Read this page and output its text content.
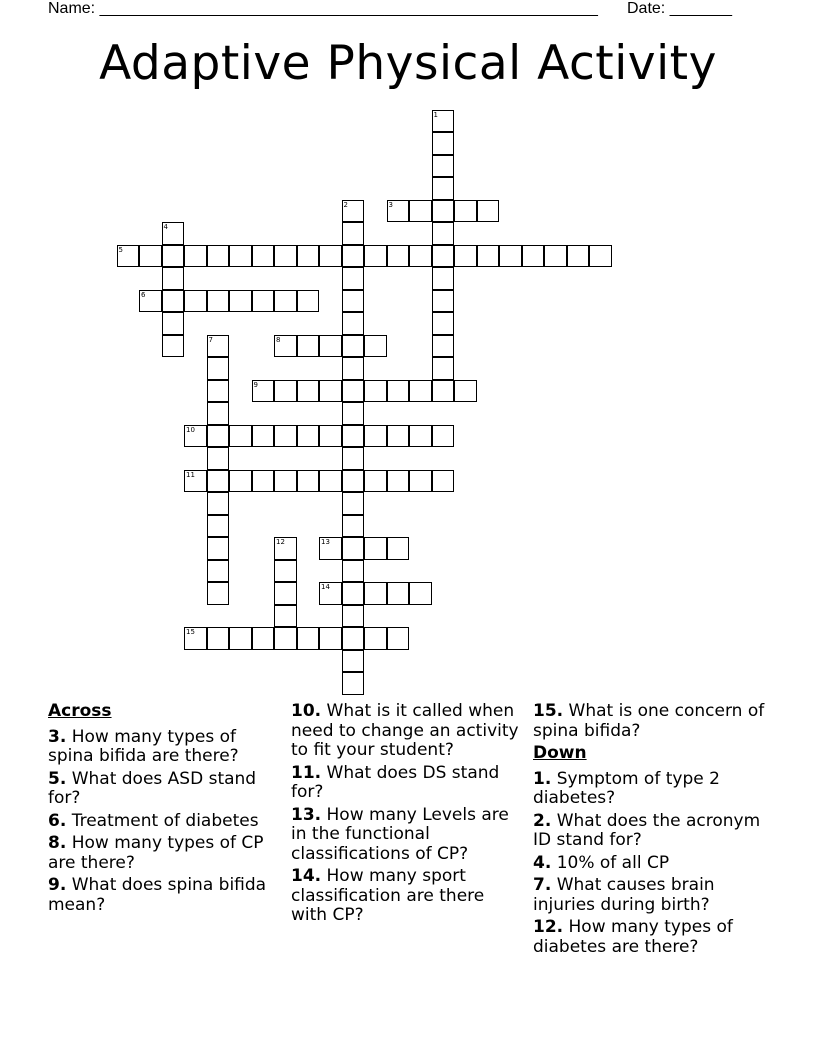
Name: ________________________________________________________ Date: _______
Adaptive Physical Activity
1
2	3
4
5
6
7	8
9
10
11
12	13
14
15
Across
3. How many types of spina bifida are there?
5. What does ASD stand for?
6. Treatment of diabetes
8. How many types of CP are there?
9. What does spina bifida mean?
10. What is it called when need to change an activity to fit your student?
11. What does DS stand for?
13. How many Levels are in the functional classifications of CP?
14. How many sport classification are there with CP?
15. What is one concern of spina bifida?
Down
1. Symptom of type 2 diabetes?
2. What does the acronym ID stand for?
4. 10% of all CP
7. What causes brain injuries during birth?
12. How many types of diabetes are there?
